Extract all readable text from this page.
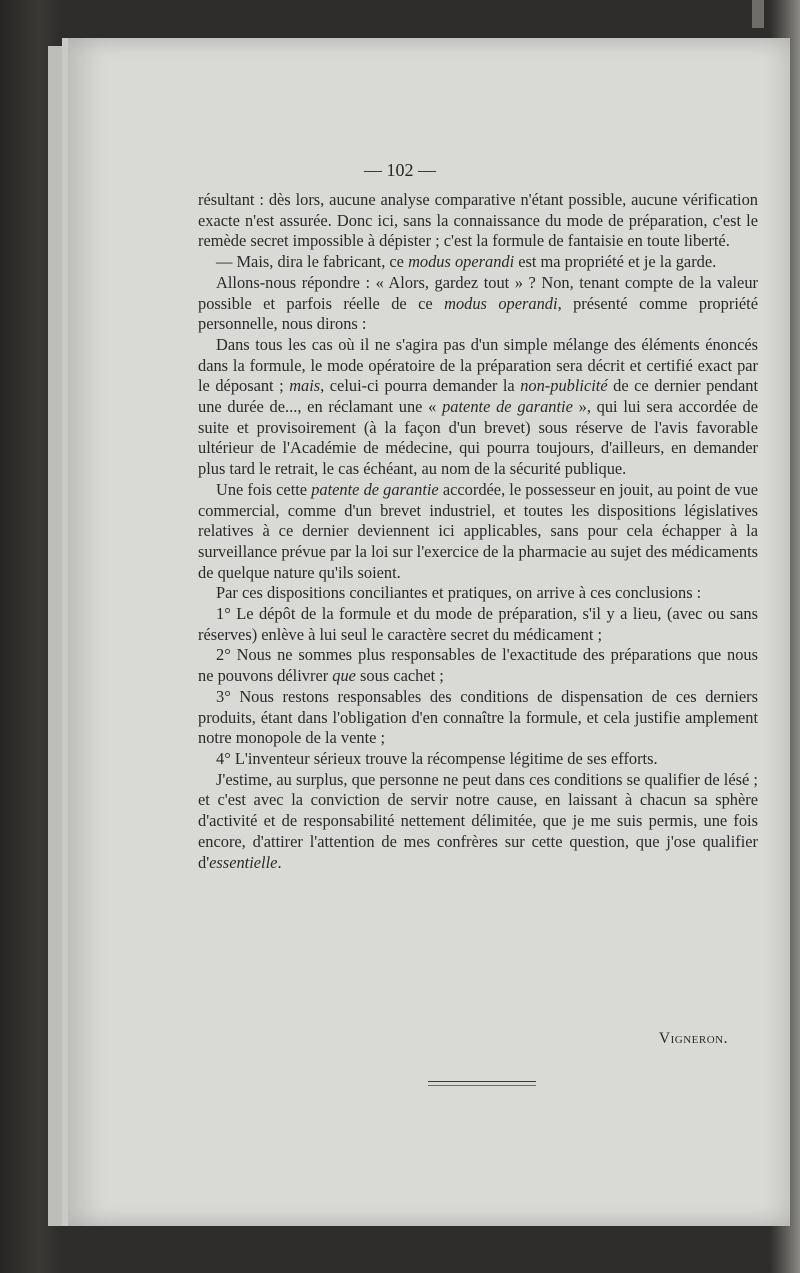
— 102 —

résultant : dès lors, aucune analyse comparative n'étant possible, aucune vérification exacte n'est assurée. Donc ici, sans la connaissance du mode de préparation, c'est le remède secret impossible à dépister ; c'est la formule de fantaisie en toute liberté.

— Mais, dira le fabricant, ce modus operandi est ma propriété et je la garde.

Allons-nous répondre : « Alors, gardez tout » ? Non, tenant compte de la valeur possible et parfois réelle de ce modus operandi, présenté comme propriété personnelle, nous dirons :

Dans tous les cas où il ne s'agira pas d'un simple mélange des éléments énoncés dans la formule, le mode opératoire de la préparation sera décrit et certifié exact par le déposant ; mais, celui-ci pourra demander la non-publicité de ce dernier pendant une durée de..., en réclamant une « patente de garantie », qui lui sera accordée de suite et provisoirement (à la façon d'un brevet) sous réserve de l'avis favorable ultérieur de l'Académie de médecine, qui pourra toujours, d'ailleurs, en demander plus tard le retrait, le cas échéant, au nom de la sécurité publique.

Une fois cette patente de garantie accordée, le possesseur en jouit, au point de vue commercial, comme d'un brevet industriel, et toutes les dispositions législatives relatives à ce dernier deviennent ici applicables, sans pour cela échapper à la surveillance prévue par la loi sur l'exercice de la pharmacie au sujet des médicaments de quelque nature qu'ils soient.

Par ces dispositions conciliantes et pratiques, on arrive à ces conclusions :

1° Le dépôt de la formule et du mode de préparation, s'il y a lieu, (avec ou sans réserves) enlève à lui seul le caractère secret du médicament ;

2° Nous ne sommes plus responsables de l'exactitude des préparations que nous ne pouvons délivrer que sous cachet ;

3° Nous restons responsables des conditions de dispensation de ces derniers produits, étant dans l'obligation d'en connaître la formule, et cela justifie amplement notre monopole de la vente ;

4° L'inventeur sérieux trouve la récompense légitime de ses efforts.

J'estime, au surplus, que personne ne peut dans ces conditions se qualifier de lésé ; et c'est avec la conviction de servir notre cause, en laissant à chacun sa sphère d'activité et de responsabilité nettement délimitée, que je me suis permis, une fois encore, d'attirer l'attention de mes confrères sur cette question, que j'ose qualifier d'essentielle.

Vigneron.
